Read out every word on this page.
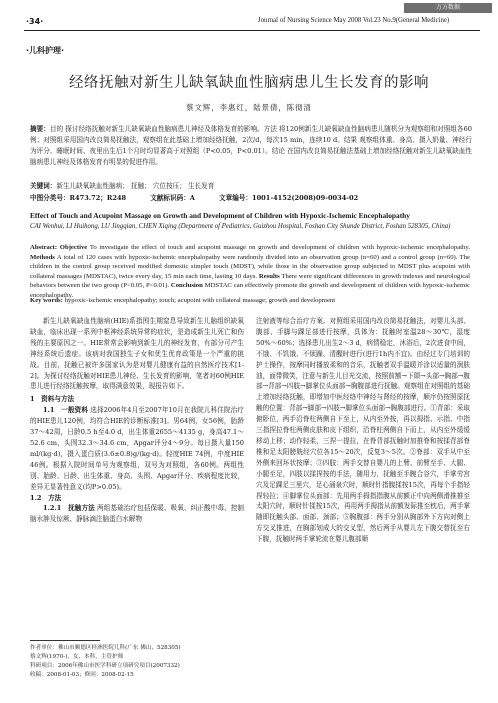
万方数据 http://www.cqvip.com
·34·	Journal of Nursing Science May 2008 Vol.23 No.9(General Medicine)
·儿科护理·
经络抚触对新生儿缺氧缺血性脑病患儿生长发育的影响
蔡文辉，李惠红，陆景倩，陈彻清
摘要：目的 探讨经络抚触对新生儿缺氧缺血性脑病患儿神经及体格发育的影响。方法 将120例新生儿缺氧缺血性脑病患儿随机分为观察组和对照组各60例；对照组采用国内改良简易抚触法，观察组在此基础上增加经络抚触，2次/d，每次15 min，连续10 d。结果 观察组体重、身高、摄入奶量、神经行为评分、睡眠时间、夜里出生后1个月时均显著高于对照组（P<0.05，P<0.01）。结论 在国内改良简易抚触法基础上增加经络抚触对新生儿缺氧缺血性脑病患儿神经及体格发育有明显的促进作用。
关键词：新生儿缺氧缺血性脑病； 抚触； 穴位按压； 生长发育
中图分类号：R473.72；R248	文献标识码：A	文章编号：1001-4152(2008)09-0034-02
Effect of Touch and Acupoint Massage on Growth and Development of Children with Hypoxic-Ischemic Encephalopathy
CAI Wenhui, LI Huihong, LU Jingqian, CHEN Xiqing (Department of Pediatrics, Guizhou Hospital, Foshan City Shunde District, Foshan 528305, China)
Abstract: Objective To investigate the effect of touch and acupoint massage on growth and development of children with hypoxic-ischemic encephalopathy. Methods A total of 120 cases with hypoxic-ischemic encephalopathy were randomly divided into an observation group (n=60) and a control group (n=60). The children in the control group received modified domestic simpler touch (MDST), while those in the observation group subjected to MDST plus acupoint with collateral massages (MDSTAC), twice every day, 15 min each time, lasting 10 days. Results There were significant differences in growth indexes and neurological behaviors between the two group (P<0.05, P<0.01). Conclusion MDSTAC can effectively promote the growth and development of children with hypoxic-ischemic encephalopathy.
Key words: hypoxic-ischemic encephalopathy; touch; acupoint with collateral massage; growth and development

新生儿缺氧缺血性脑病(HIE)系指围生期窒息导致新生儿脑组织缺氧缺血，临床出现一系列中枢神经系统异常的症状，是造成新生儿死亡和伤残的主要原因之一。HIE常常会影响到新生儿的神经发育，有部分可产生神经系统后遗症。该病对我国独生子女和优生优育政策是一个严重的挑战。目前，抚触已被许多国家认为是对婴儿健康有益的自然医疗技术[1-2]。为探讨经络抚触对HIE患儿神经、生长发育的影响，笔者对60例HIE患儿进行经络抚触按摩，取得满意效果，现报告如下。

1　资料与方法

1.1　一般资料 选择2006年4月至2007年10月在我院儿科住院治疗的HIE患儿120例，均符合HIE的诊断标准[3]。男64例，女56例，胎龄37～42周，日龄0.5 h至4.0 d，出生体重2655～4135 g，身高47.1～52.6 cm，头围32.3～34.6 cm，Apgar评分4～9分。每日摄入量150 ml/(kg·d)，摄入蛋白质(3.6±0.8)g/(kg·d)。轻度HIE 74例，中度HIE 46例。根据入院时间单号为观察组，双号为对照组，各60例。两组性别、胎龄、日龄、出生体重、身高、头围、Apgar评分、疾病程度比较，差异无显著性意义(均P>0.05)。

1.2　方法

1.2.1　抚触方法 两组基础治疗包括保暖、吸氧、纠正酸中毒、控制脑水肿及惊厥、静脉滴注脑蛋白水解物

注射液等综合治疗方案。对照组采用国内改良简易抚触法，对婴儿头部、腹部、手脚与踝足部进行按摩，具体为：抚触时室温28～30℃，湿度50%～60%；选择患儿出生2～3 d，病情稳定，沐浴后，2次进食中间，不饿、不饥饿、不烦躁、清醒时进行(进行1h内不宜)。由经过专门培训的护士操作，按摩同时播放柔和的音乐，抚触者双手温暖并涂以适量的润肤油，面带微笑，注意与新生儿目光交流，按照前额→下颌→头部→胸部→腹部→背部→四肢→脚掌位头面部→胸腹部进行抚触。观察组在对照组的基础上增加经络抚触，即增加中医经络中神经与肾经的按摩，顺序仍按照原抚触的位置：背部→脚部→四肢→脚掌位头面部→胸腹部进行。①背部：采取俯卧位，两手沿脊柱两侧自下至上，从内至外按，再以拇指、示指、中指三指捏拉脊柱两侧皮肤和皮下组织，沿脊柱两侧自下而上，从内至外缓缓移动上移；动作轻柔，三捏一提拉，在脊背部抚触时加推脊和按揉背部脊椎和足太阳膀胱经穴位各15～20次，反复3～5次。②脊部：双手从中至外侧来回环状按摩；③四肢：两手交替自婴儿的上臂、前臂至手、大腿、小腿至足，四肢以揉捏按的手法，随用力，抚触至手腕合谷穴，手掌劳宫穴及足踝足三里穴，足心涌泉穴时，顺时针指腹揉按15次，再每个手指轻捏轻拉；④脚掌位头面部：先用两手拇指指腹从前额正中向两侧滑推推至太阳穴时，顺时针揉按15次，再用两手拇指从前额发际推至枕后，两手掌随即抚触头部、面部、颈部；⑤胸腹部：两手分别从胸部外下方向对侧上方交叉推进，在胸部划成大的交叉型，然后两手从婴儿左下腹交替抚至右下腹，抚触时两手掌轮流在婴儿腹部顺

作者单位：佛山市顺德区桂洲医院儿科(广东 佛山，528305)
蔡文辉(1970-)，女，本科，主管护师
科研项目：2006年佛山市医学科研立项研究项目(2007332)
收稿：2008-01-03；修回：2008-02-15
